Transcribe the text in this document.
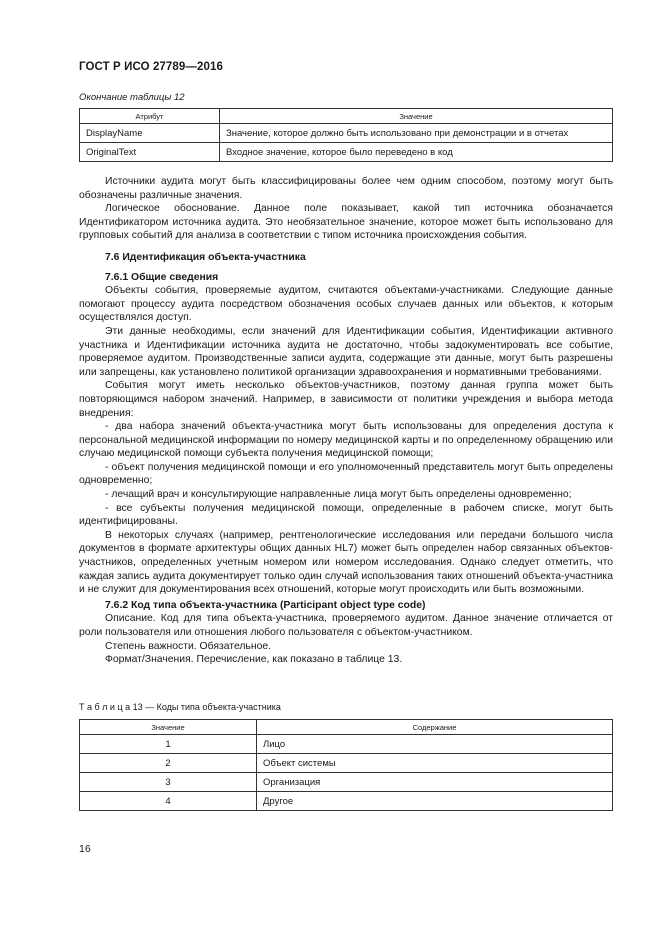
ГОСТ Р ИСО 27789—2016
Окончание таблицы 12
Атрибут	Значение
DisplayName	Значение, которое должно быть использовано при демонстрации и в отчетах
OriginalText	Входное значение, которое было переведено в код

Источники аудита могут быть классифицированы более чем одним способом, поэтому могут быть обозначены различные значения.

Логическое обоснование. Данное поле показывает, какой тип источника обозначается Идентификатором источника аудита. Это необязательное значение, которое может быть использовано для групповых событий для анализа в соответствии с типом источника происхождения события.

7.6 Идентификация объекта-участника

7.6.1 Общие сведения

Объекты события, проверяемые аудитом, считаются объектами-участниками. Следующие данные помогают процессу аудита посредством обозначения особых случаев данных или объектов, к которым осуществлялся доступ.

Эти данные необходимы, если значений для Идентификации события, Идентификации активного участника и Идентификации источника аудита не достаточно, чтобы задокументировать все событие, проверяемое аудитом. Производственные записи аудита, содержащие эти данные, могут быть разрешены или запрещены, как установлено политикой организации здравоохранения и нормативными требованиями.

События могут иметь несколько объектов-участников, поэтому данная группа может быть повторяющимся набором значений. Например, в зависимости от политики учреждения и выбора метода внедрения:

- два набора значений объекта-участника могут быть использованы для определения доступа к персональной медицинской информации по номеру медицинской карты и по определенному обращению или случаю медицинской помощи субъекта получения медицинской помощи;

- объект получения медицинской помощи и его уполномоченный представитель могут быть определены одновременно;

- лечащий врач и консультирующие направленные лица могут быть определены одновременно;

- все субъекты получения медицинской помощи, определенные в рабочем списке, могут быть идентифицированы.

В некоторых случаях (например, рентгенологические исследования или передачи большого числа документов в формате архитектуры общих данных HL7) может быть определен набор связанных объектов-участников, определенных учетным номером или номером исследования. Однако следует отметить, что каждая запись аудита документирует только один случай использования таких отношений объекта-участника и не служит для документирования всех отношений, которые могут происходить или быть возможными.

7.6.2 Код типа объекта-участника (Participant object type code)

Описание. Код для типа объекта-участника, проверяемого аудитом. Данное значение отличается от роли пользователя или отношения любого пользователя с объектом-участником.

Степень важности. Обязательное.

Формат/Значения. Перечисление, как показано в таблице 13.

Т а б л и ц а 13 — Коды типа объекта-участника
Значение	Содержание
1	Лицо
2	Объект системы
3	Организация
4	Другое
16
